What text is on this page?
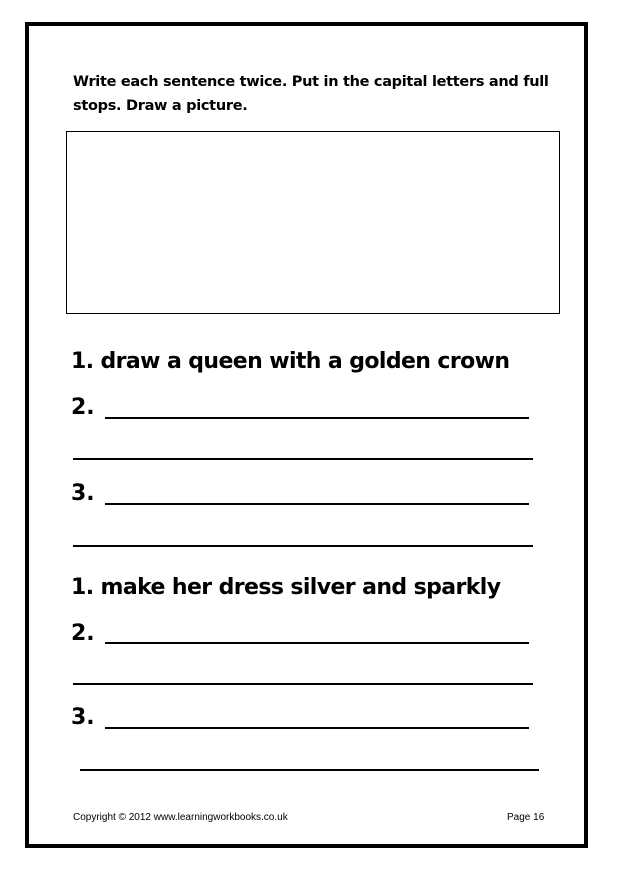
Write each sentence twice. Put in the capital letters and full stops. Draw a picture.
1. draw a queen with a golden crown
2.
3.
1. make her dress silver and sparkly
2.
3.
Copyright © 2012 www.learningworkbooks.co.uk	Page 16
